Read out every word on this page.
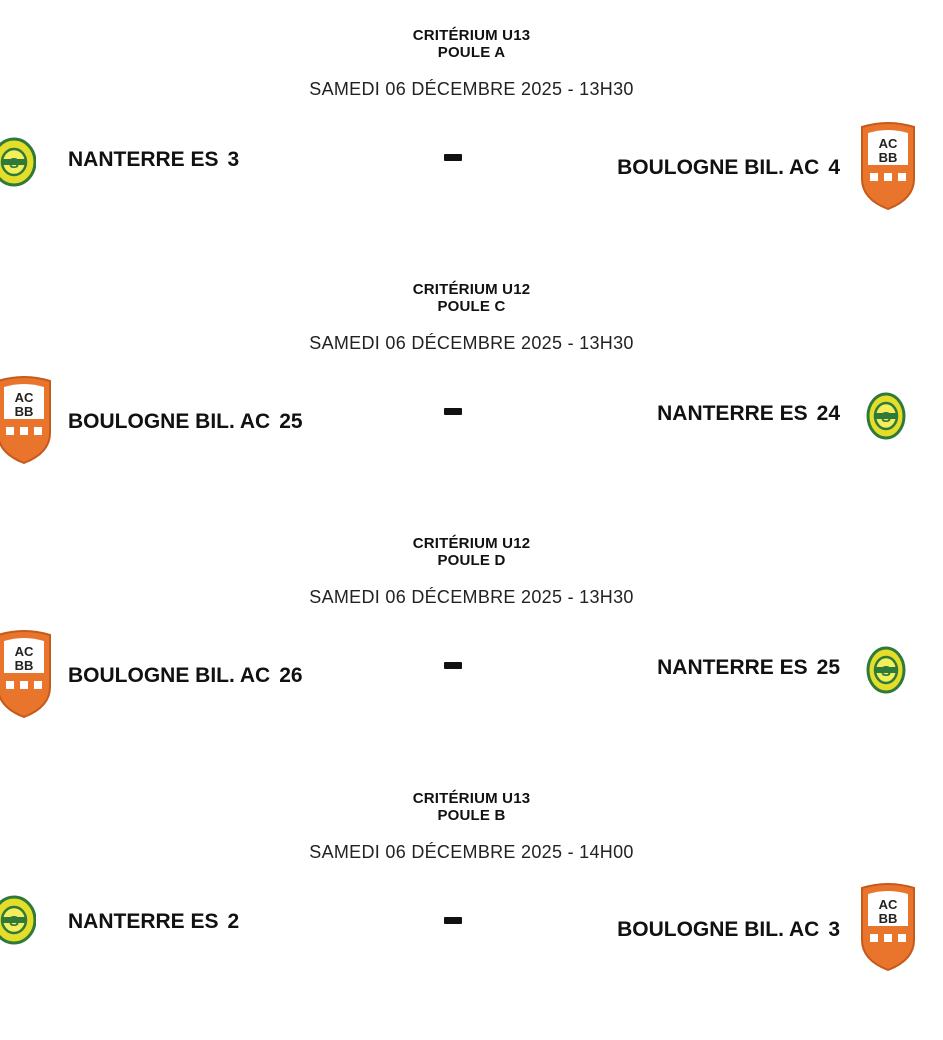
CRITÉRIUM U13
POULE A
SAMEDI 06 DÉCEMBRE 2025 - 13H30
S NANTERRE ES 3	BOULOGNE BIL. AC 4
AC
BB
CRITÉRIUM U12
POULE C
SAMEDI 06 DÉCEMBRE 2025 - 13H30
AC
BB BOULOGNE BIL. AC 25	NANTERRE ES 24	S
CRITÉRIUM U12
POULE D
SAMEDI 06 DÉCEMBRE 2025 - 13H30
AC
BB BOULOGNE BIL. AC 26	NANTERRE ES 25	S
CRITÉRIUM U13
POULE B
SAMEDI 06 DÉCEMBRE 2025 - 14H00
S NANTERRE ES 2	BOULOGNE BIL. AC 3
AC
BB
